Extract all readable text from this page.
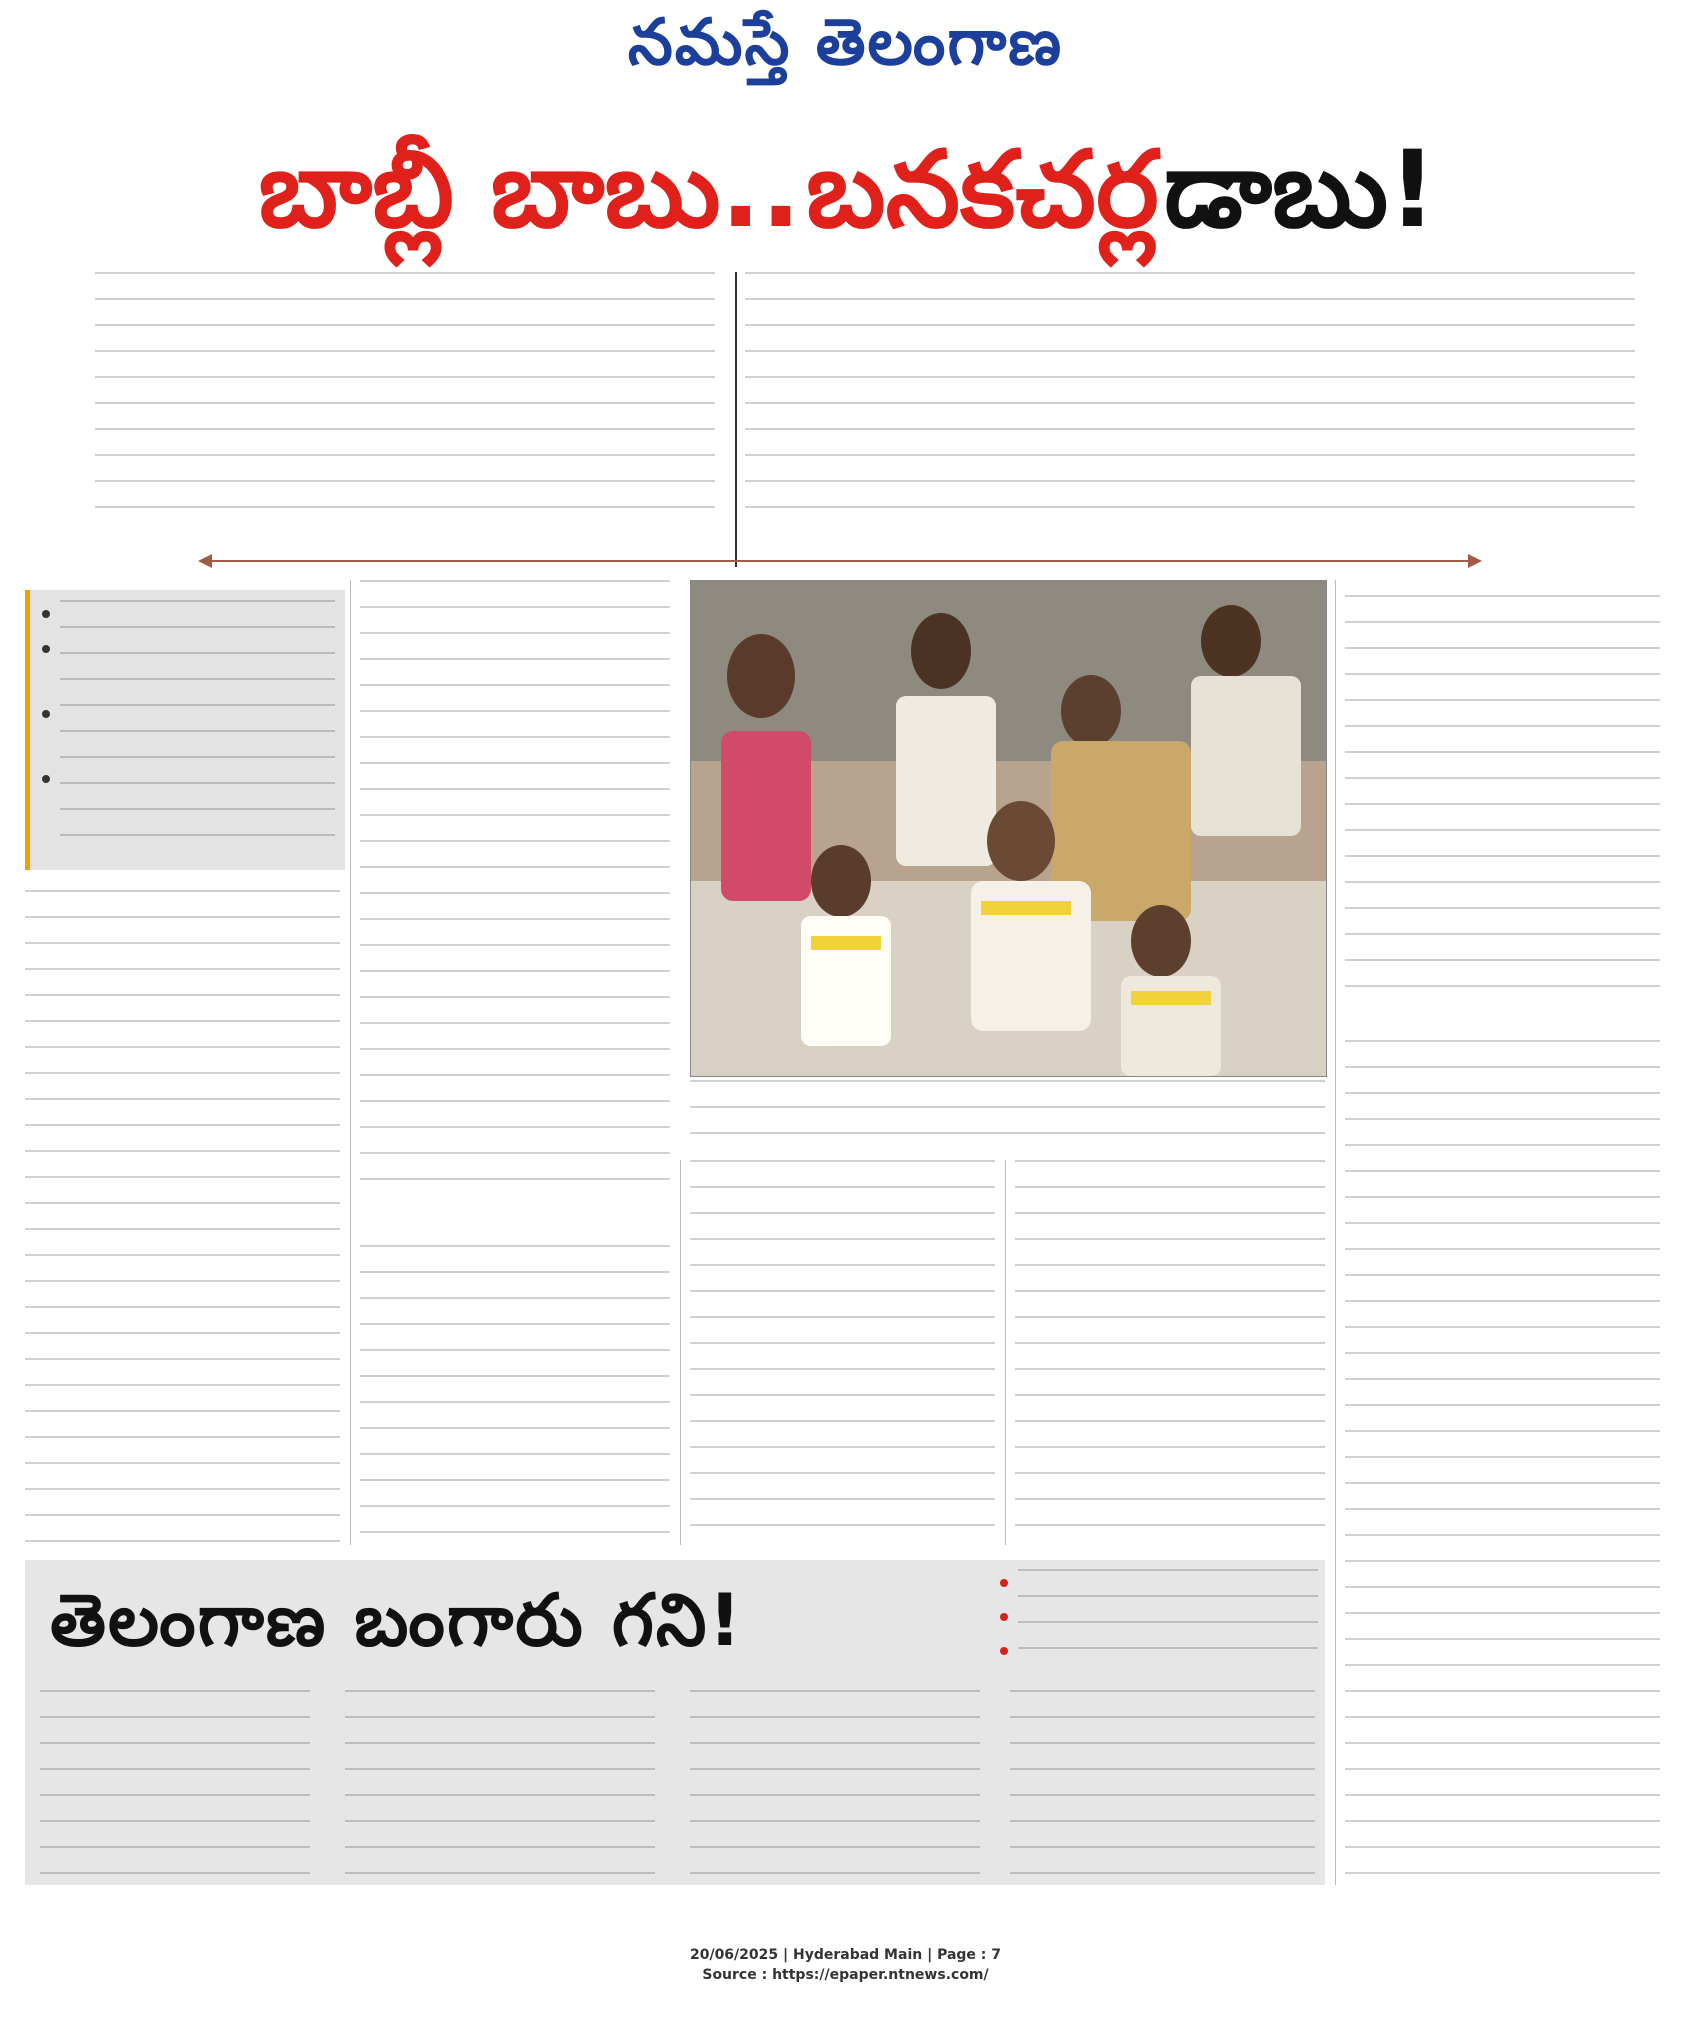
నమస్తే తెలంగాణ
బాబ్లీ బాబు.. బనకచర్ల డాబు!
తెలంగాణ బంగారు గని!
20/06/2025 | Hyderabad Main | Page : 7
Source : https://epaper.ntnews.com/
